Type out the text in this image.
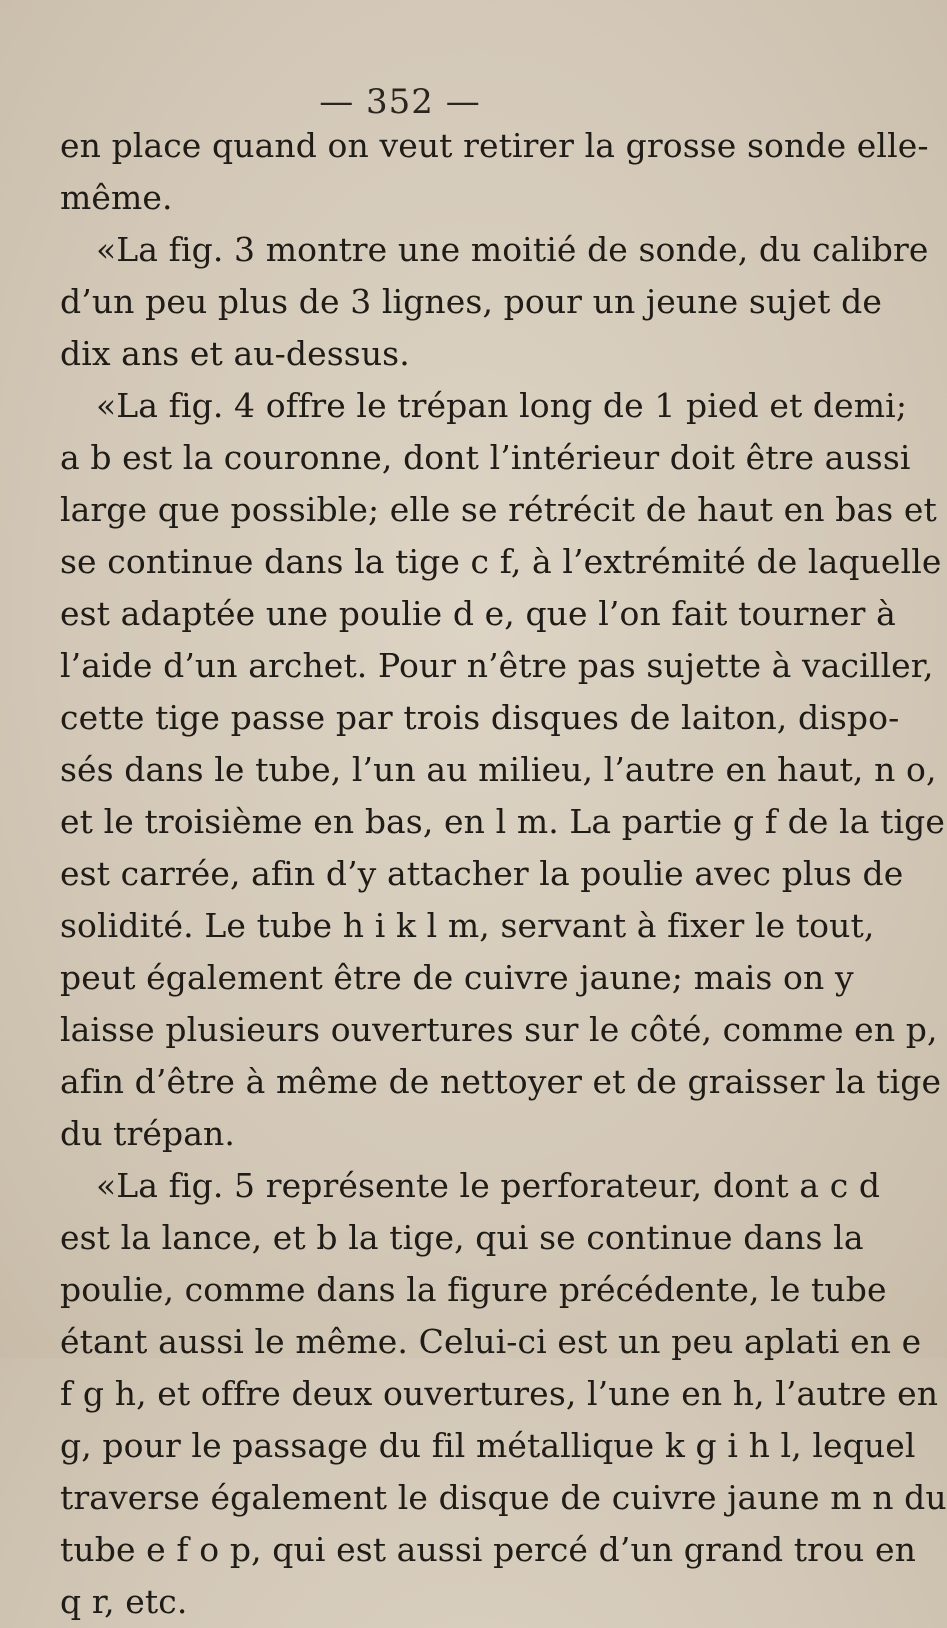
— 352 —
en place quand on veut retirer la grosse sonde elle-
même.
«La fig. 3 montre une moitié de sonde, du calibre
d’un peu plus de 3 lignes, pour un jeune sujet de
dix ans et au-dessus.
«La fig. 4 offre le trépan long de 1 pied et demi;
a b est la couronne, dont l’intérieur doit être aussi
large que possible; elle se rétrécit de haut en bas et
se continue dans la tige c f, à l’extrémité de laquelle
est adaptée une poulie d e, que l’on fait tourner à
l’aide d’un archet. Pour n’être pas sujette à vaciller,
cette tige passe par trois disques de laiton, dispo-
sés dans le tube, l’un au milieu, l’autre en haut, n o,
et le troisième en bas, en l m. La partie g f de la tige
est carrée, afin d’y attacher la poulie avec plus de
solidité. Le tube h i k l m, servant à fixer le tout,
peut également être de cuivre jaune; mais on y
laisse plusieurs ouvertures sur le côté, comme en p,
afin d’être à même de nettoyer et de graisser la tige
du trépan.
«La fig. 5 représente le perforateur, dont a c d
est la lance, et b la tige, qui se continue dans la
poulie, comme dans la figure précédente, le tube
étant aussi le même. Celui-ci est un peu aplati en e
f g h, et offre deux ouvertures, l’une en h, l’autre en
g, pour le passage du fil métallique k g i h l, lequel
traverse également le disque de cuivre jaune m n du
tube e f o p, qui est aussi percé d’un grand trou en
q r, etc.
